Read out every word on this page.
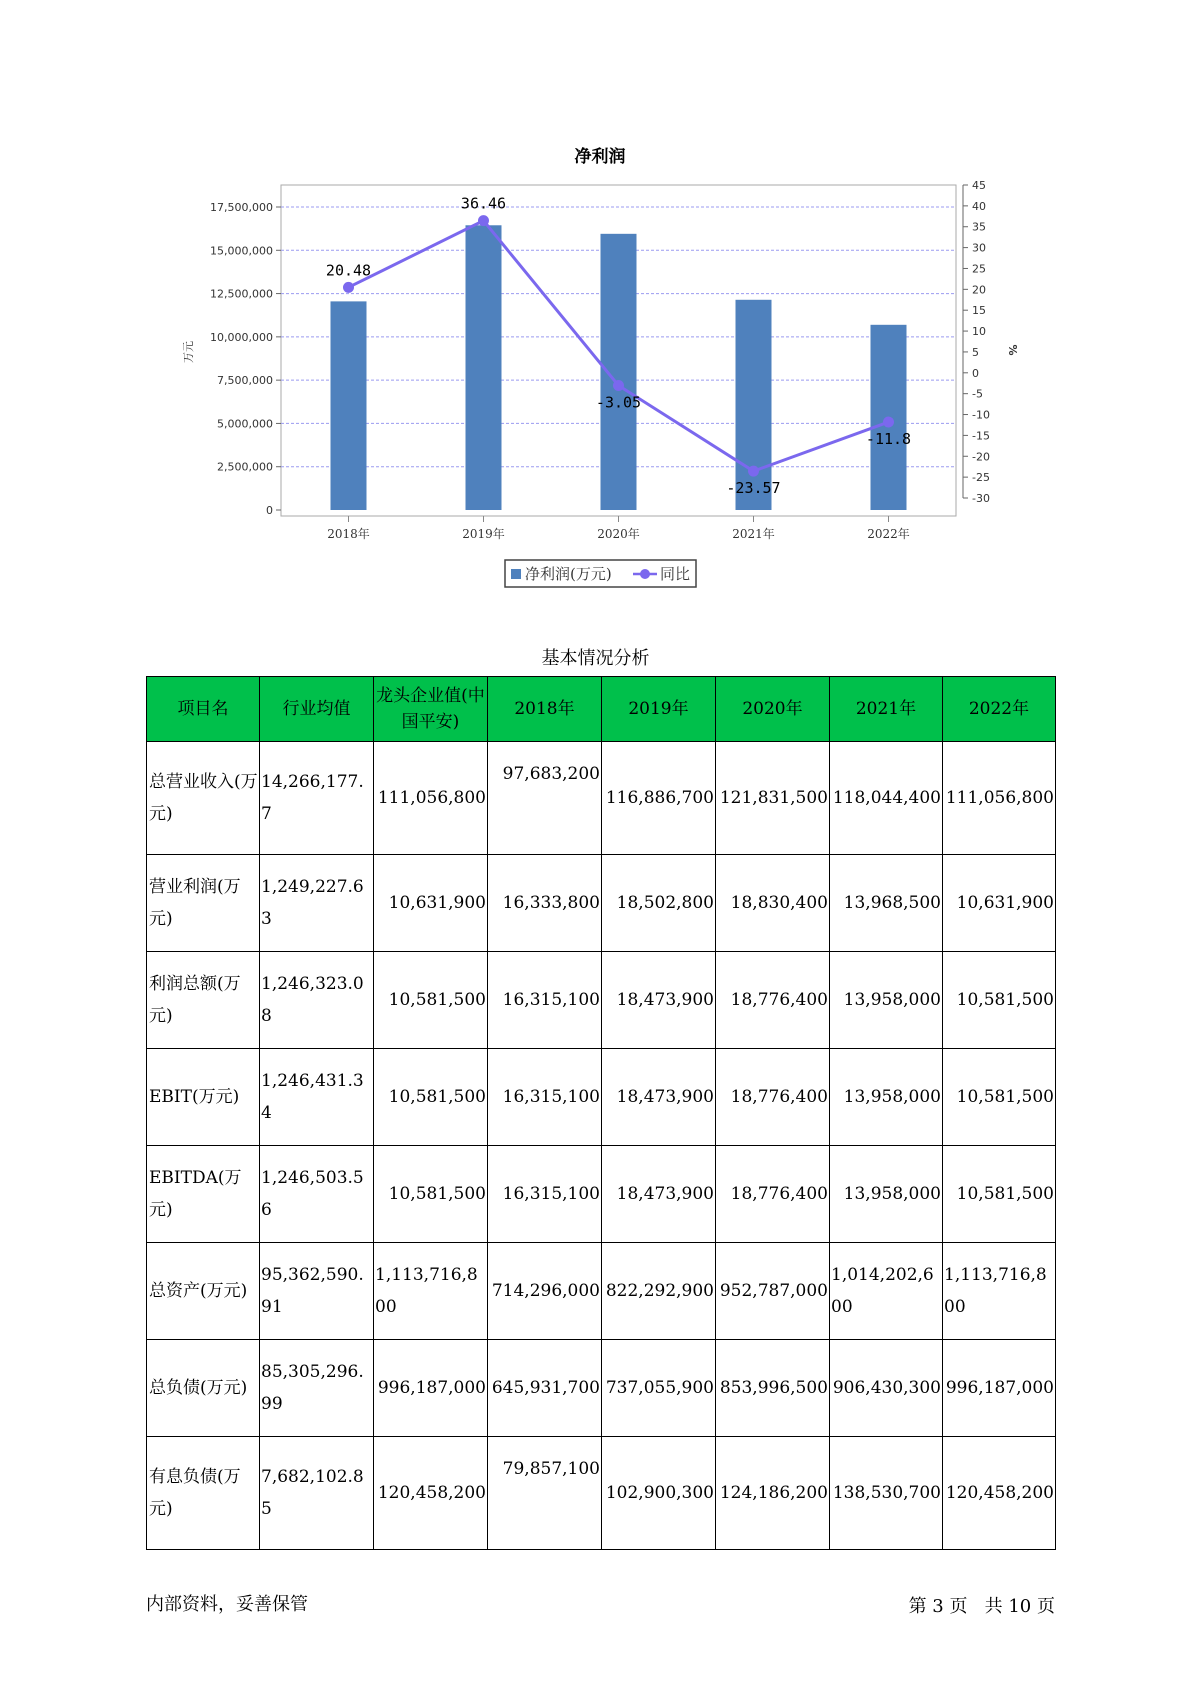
净利润
0
2,500,000
5,000,000
7,500,000
10,000,000
12,500,000
15,000,000
17,500,000
-30
-25
-20
-15
-10
-5
0
5
10
15
20
25
30
35
40
45
20.48
36.46
-3.05
-23.57
-11.8
2018年	2019年	2020年	2021年	2022年
万元	%
净利润(万元)	同比
基本情况分析
项目名	行业均值	龙头企业值(中国平安)	2018年	2019年	2020年	2021年	2022年
总营业收入(万元)	14,266,177.7	111,056,800	97,683,200	116,886,700	121,831,500	118,044,400	111,056,800
营业利润(万元)	1,249,227.63	10,631,900	16,333,800	18,502,800	18,830,400	13,968,500	10,631,900
利润总额(万元)	1,246,323.08	10,581,500	16,315,100	18,473,900	18,776,400	13,958,000	10,581,500
EBIT(万元)	1,246,431.34	10,581,500	16,315,100	18,473,900	18,776,400	13,958,000	10,581,500
EBITDA(万元)	1,246,503.56	10,581,500	16,315,100	18,473,900	18,776,400	13,958,000	10,581,500
总资产(万元)	95,362,590.91	1,113,716,800	714,296,000	822,292,900	952,787,000	1,014,202,600	1,113,716,800
总负债(万元)	85,305,296.99	996,187,000	645,931,700	737,055,900	853,996,500	906,430,300	996,187,000
有息负债(万元)	7,682,102.85	120,458,200	79,857,100	102,900,300	124,186,200	138,530,700	120,458,200
内部资料，妥善保管	第 3 页   共 10 页
